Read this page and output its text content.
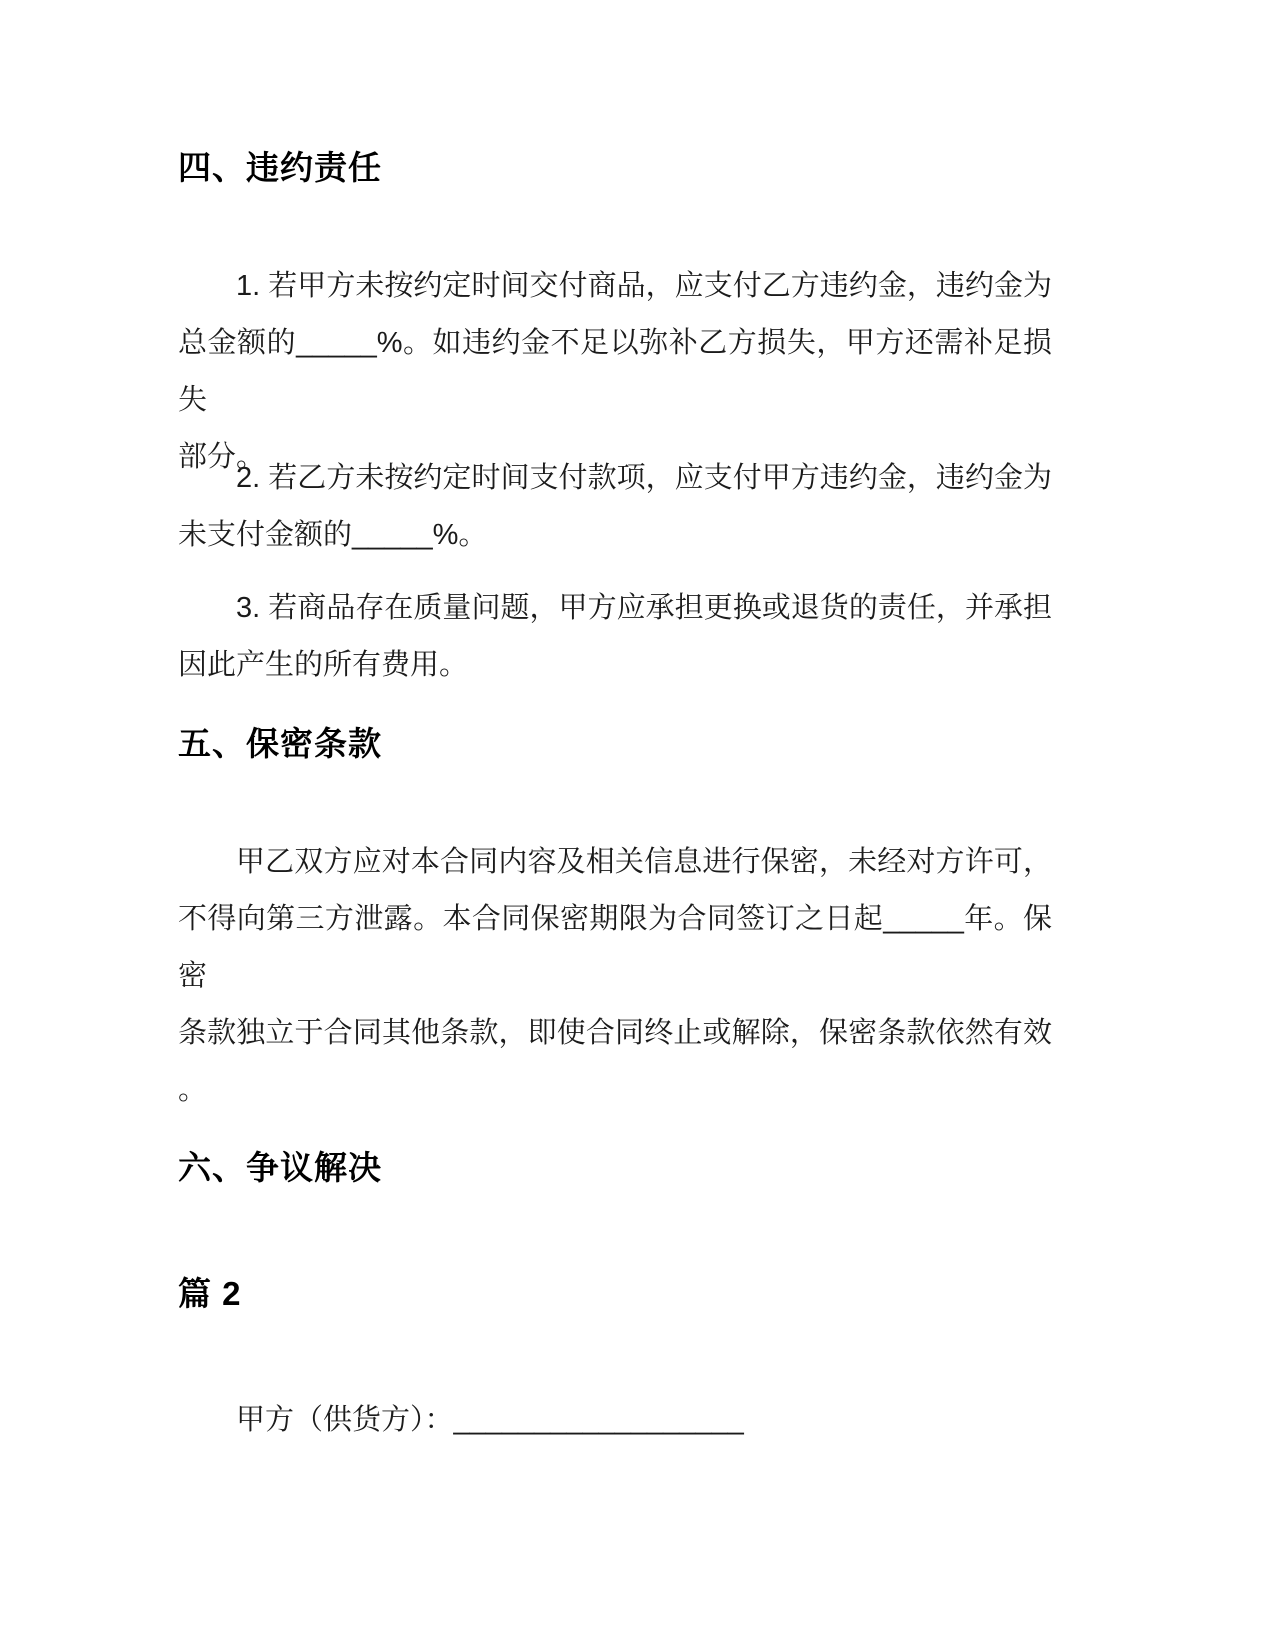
四、违约责任
1. 若甲方未按约定时间交付商品，应支付乙方违约金，违约金为
总金额的_____%。如违约金不足以弥补乙方损失，甲方还需补足损失
部分。
2. 若乙方未按约定时间支付款项，应支付甲方违约金，违约金为
未支付金额的_____%。
3. 若商品存在质量问题，甲方应承担更换或退货的责任，并承担
因此产生的所有费用。
五、保密条款
甲乙双方应对本合同内容及相关信息进行保密，未经对方许可，
不得向第三方泄露。本合同保密期限为合同签订之日起_____年。保密
条款独立于合同其他条款，即使合同终止或解除，保密条款依然有效
。
六、争议解决
篇 2
甲方（供货方）：__________________
